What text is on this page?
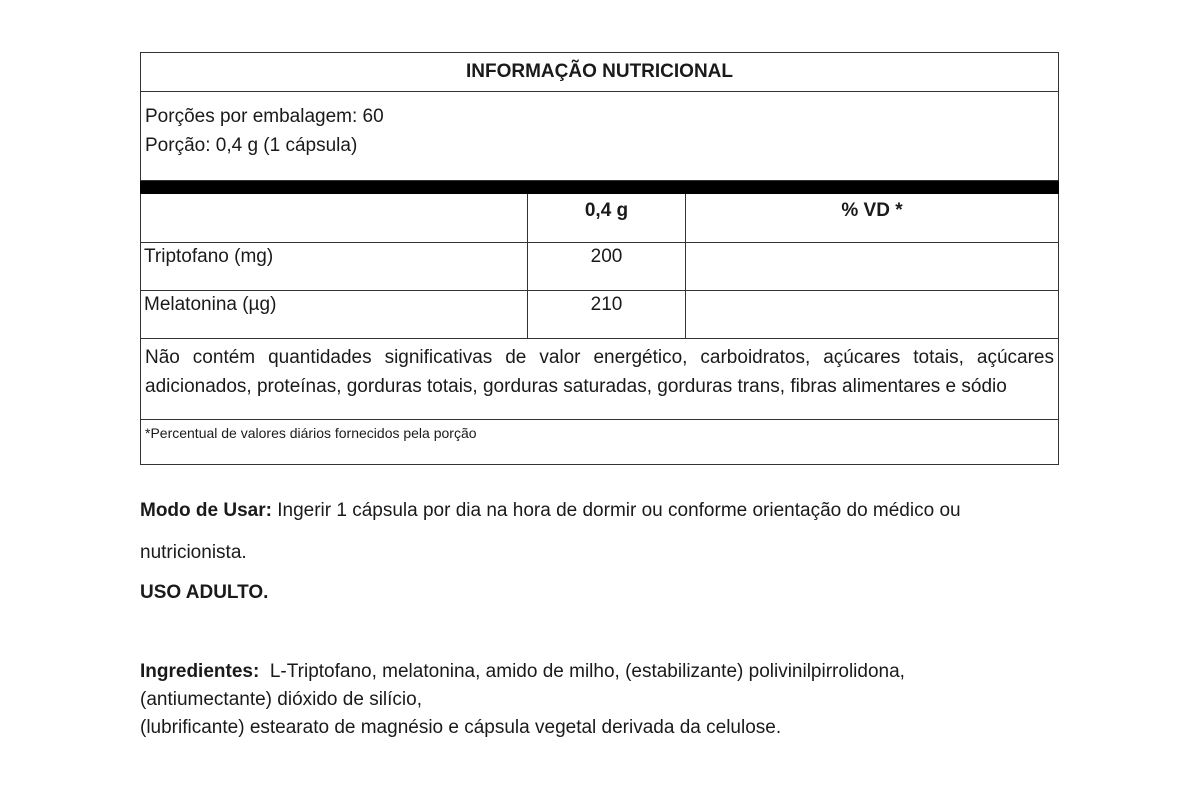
INFORMAÇÃO NUTRICIONAL		

Porções por embalagem: 60
Porção: 0,4 g (1 cápsula)		

	0,4 g	% VD *
Triptofano (mg)	200	
Melatonina (µg)	210	

Não contém quantidades significativas de valor energético, carboidratos, açúcares totais, açúcares
adicionados, proteínas, gorduras totais, gorduras saturadas, gorduras trans, fibras alimentares e sódio		

*Percentual de valores diários fornecidos pela porção		
Modo de Usar: Ingerir 1 cápsula por dia na hora de dormir ou conforme orientação do médico ou nutricionista.
USO ADULTO.
Ingredientes:  L-Triptofano, melatonina, amido de milho, (estabilizante) polivinilpirrolidona,
(antiumectante) dióxido de silício,
(lubrificante) estearato de magnésio e cápsula vegetal derivada da celulose.
